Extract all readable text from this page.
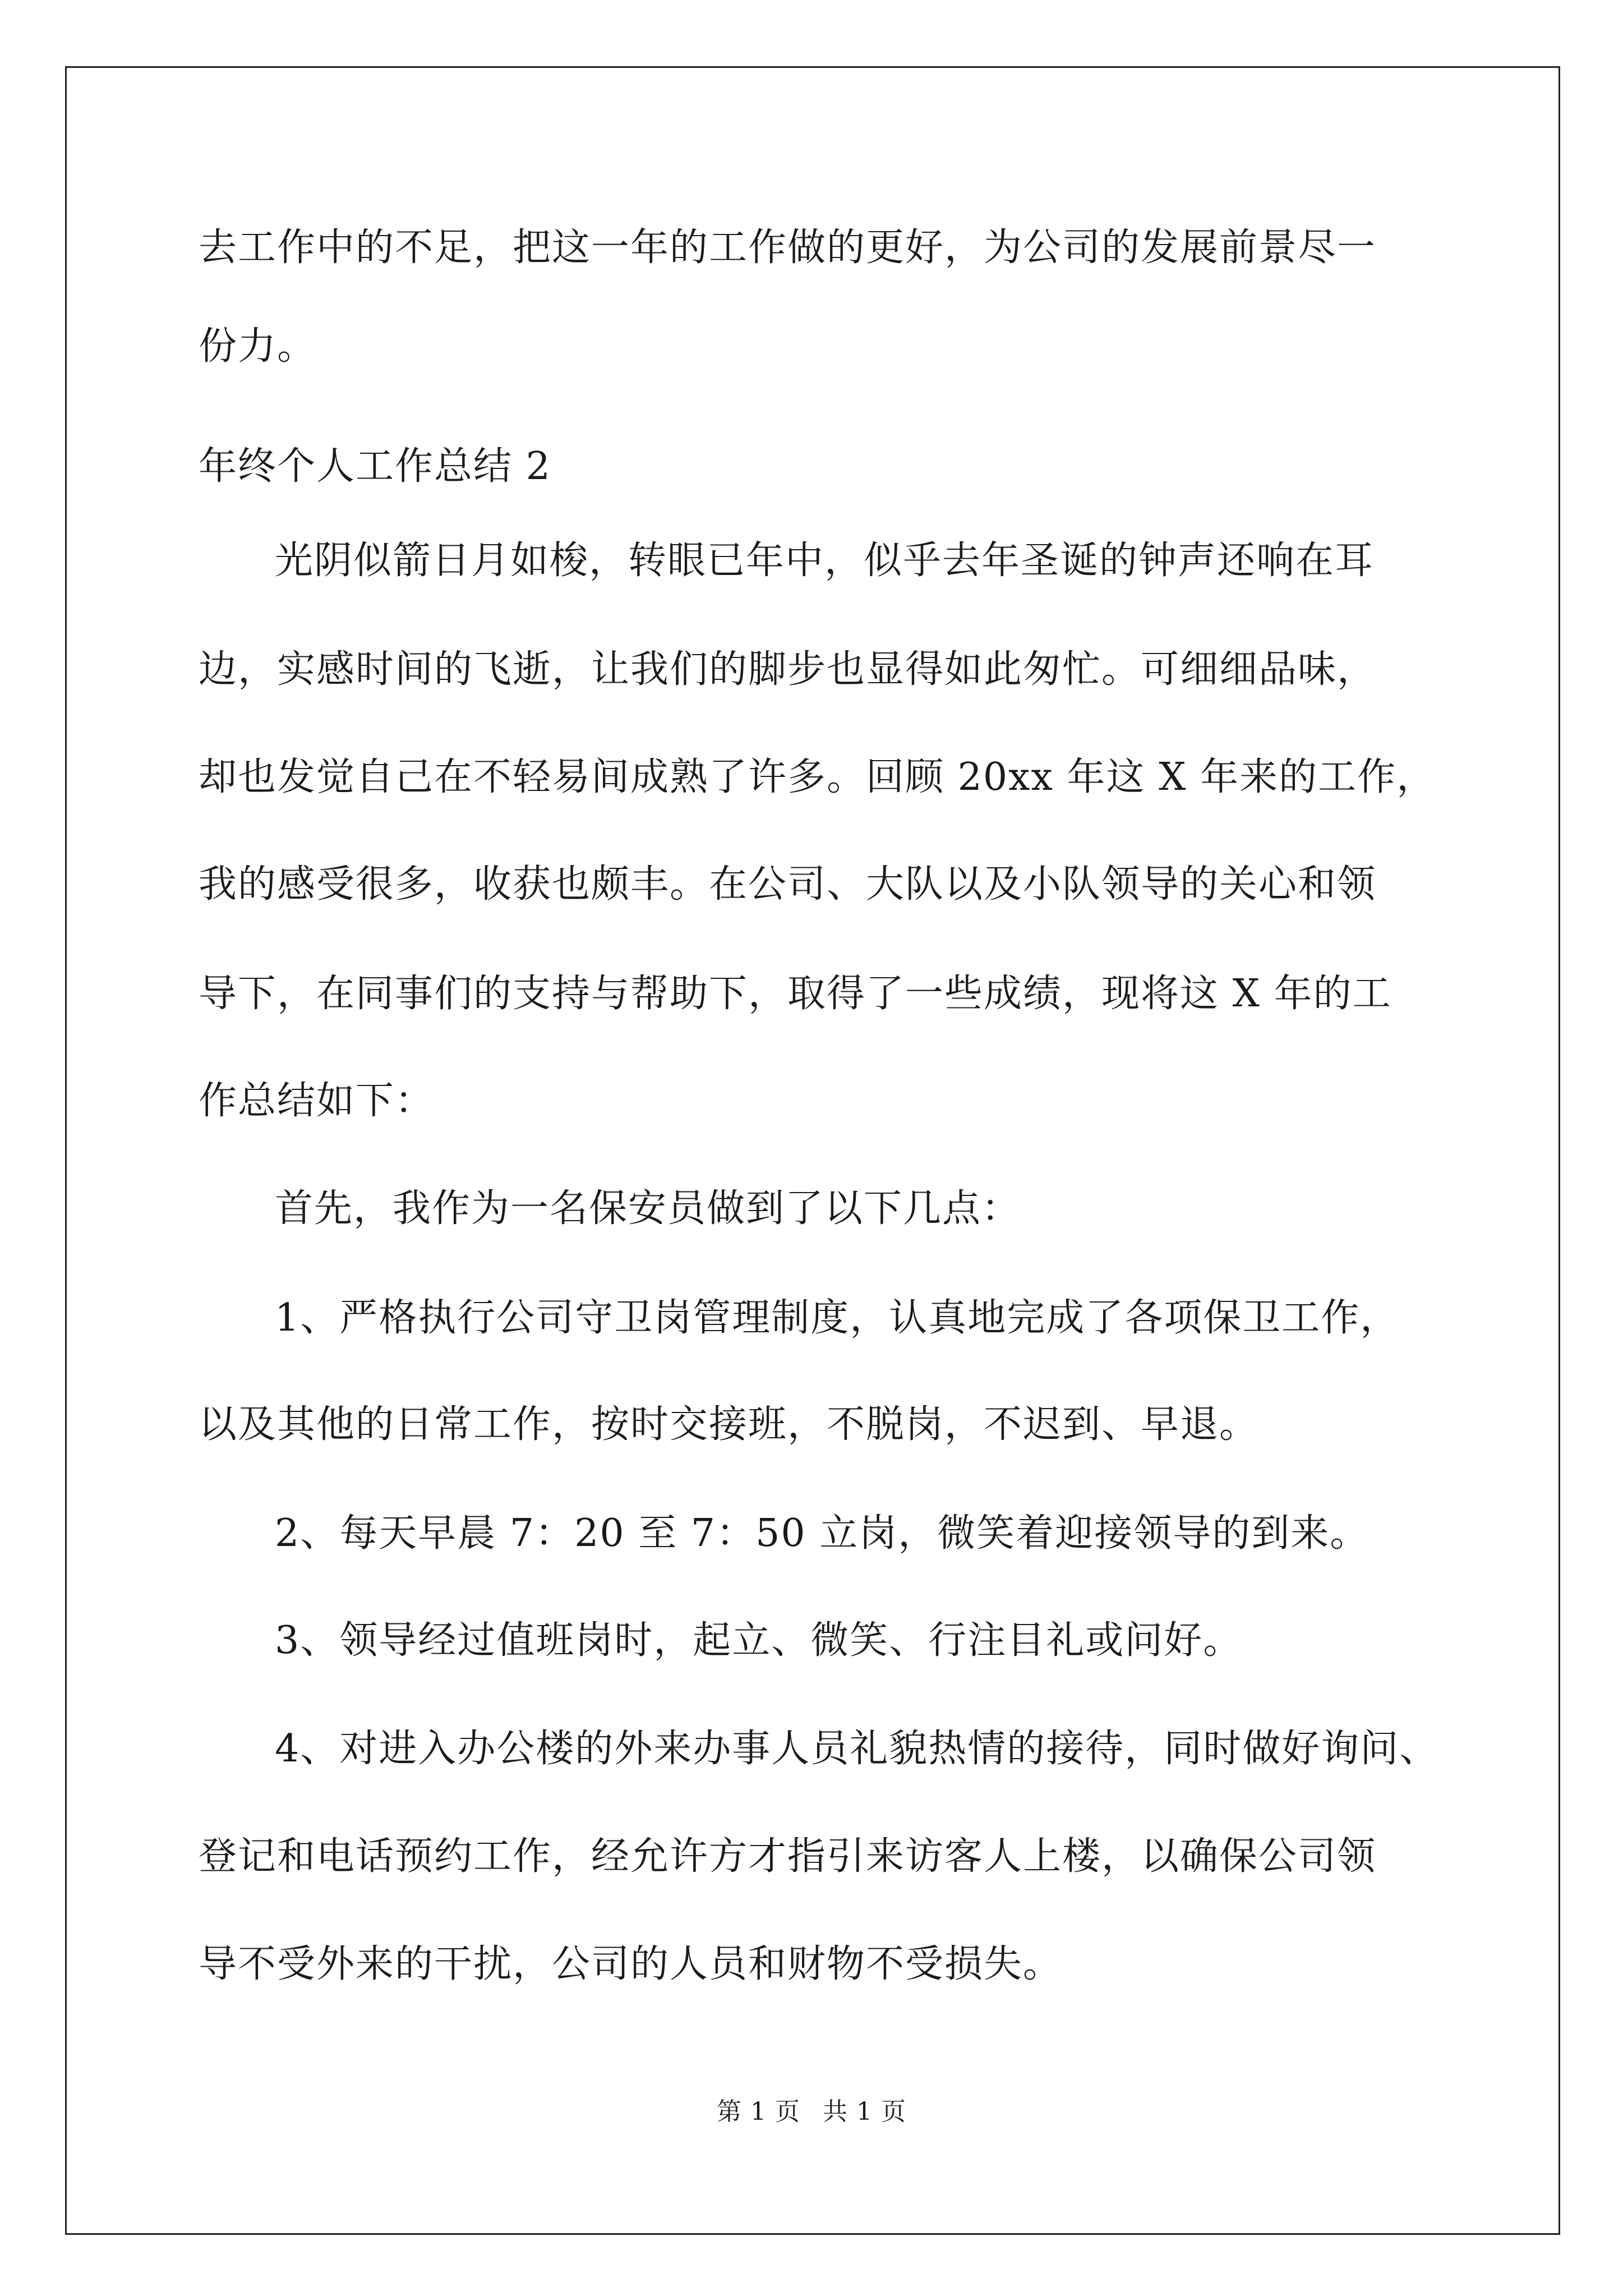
去工作中的不足，把这一年的工作做的更好，为公司的发展前景尽一
份力。
年终个人工作总结 2
光阴似箭日月如梭，转眼已年中，似乎去年圣诞的钟声还响在耳
边，实感时间的飞逝，让我们的脚步也显得如此匆忙。可细细品味，
却也发觉自己在不轻易间成熟了许多。回顾 20xx 年这 X 年来的工作，
我的感受很多，收获也颇丰。在公司、大队以及小队领导的关心和领
导下，在同事们的支持与帮助下，取得了一些成绩，现将这 X 年的工
作总结如下：
首先，我作为一名保安员做到了以下几点：
1、严格执行公司守卫岗管理制度，认真地完成了各项保卫工作，
以及其他的日常工作，按时交接班，不脱岗，不迟到、早退。
2、每天早晨 7：20 至 7：50 立岗，微笑着迎接领导的到来。
3、领导经过值班岗时，起立、微笑、行注目礼或问好。
4、对进入办公楼的外来办事人员礼貌热情的接待，同时做好询问、
登记和电话预约工作，经允许方才指引来访客人上楼，以确保公司领
导不受外来的干扰，公司的人员和财物不受损失。
第 1 页 共 1 页
